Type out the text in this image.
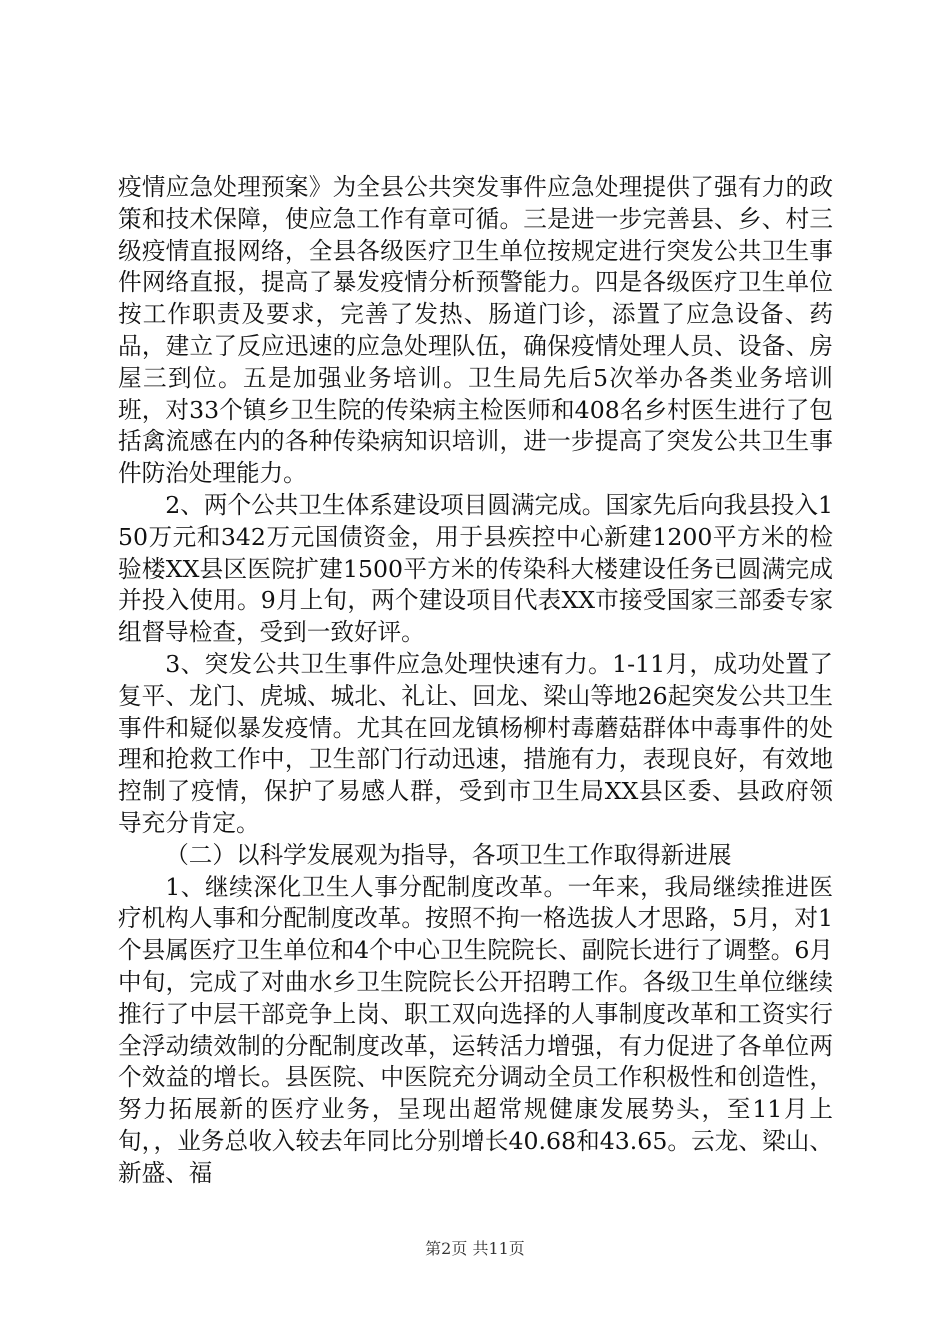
疫情应急处理预案》为全县公共突发事件应急处理提供了强有力的政策和技术保障，使应急工作有章可循。三是进一步完善县、乡、村三级疫情直报网络，全县各级医疗卫生单位按规定进行突发公共卫生事件网络直报，提高了暴发疫情分析预警能力。四是各级医疗卫生单位按工作职责及要求，完善了发热、肠道门诊，添置了应急设备、药品，建立了反应迅速的应急处理队伍，确保疫情处理人员、设备、房屋三到位。五是加强业务培训。卫生局先后5次举办各类业务培训班，对33个镇乡卫生院的传染病主检医师和408名乡村医生进行了包括禽流感在内的各种传染病知识培训，进一步提高了突发公共卫生事件防治处理能力。

2、两个公共卫生体系建设项目圆满完成。国家先后向我县投入150万元和342万元国债资金，用于县疾控中心新建1200平方米的检验楼XX县区医院扩建1500平方米的传染科大楼建设任务已圆满完成并投入使用。9月上旬，两个建设项目代表XX市接受国家三部委专家组督导检查，受到一致好评。

3、突发公共卫生事件应急处理快速有力。1-11月，成功处置了复平、龙门、虎城、城北、礼让、回龙、梁山等地26起突发公共卫生事件和疑似暴发疫情。尤其在回龙镇杨柳村毒蘑菇群体中毒事件的处理和抢救工作中，卫生部门行动迅速，措施有力，表现良好，有效地控制了疫情，保护了易感人群，受到市卫生局XX县区委、县政府领导充分肯定。

（二）以科学发展观为指导，各项卫生工作取得新进展

1、继续深化卫生人事分配制度改革。一年来，我局继续推进医疗机构人事和分配制度改革。按照不拘一格选拔人才思路，5月，对1个县属医疗卫生单位和4个中心卫生院院长、副院长进行了调整。6月中旬，完成了对曲水乡卫生院院长公开招聘工作。各级卫生单位继续推行了中层干部竞争上岗、职工双向选择的人事制度改革和工资实行全浮动绩效制的分配制度改革，运转活力增强，有力促进了各单位两个效益的增长。县医院、中医院充分调动全员工作积极性和创造性，努力拓展新的医疗业务，呈现出超常规健康发展势头，至11月上旬，，业务总收入较去年同比分别增长40.68和43.65。云龙、梁山、新盛、福

第2页 共11页
